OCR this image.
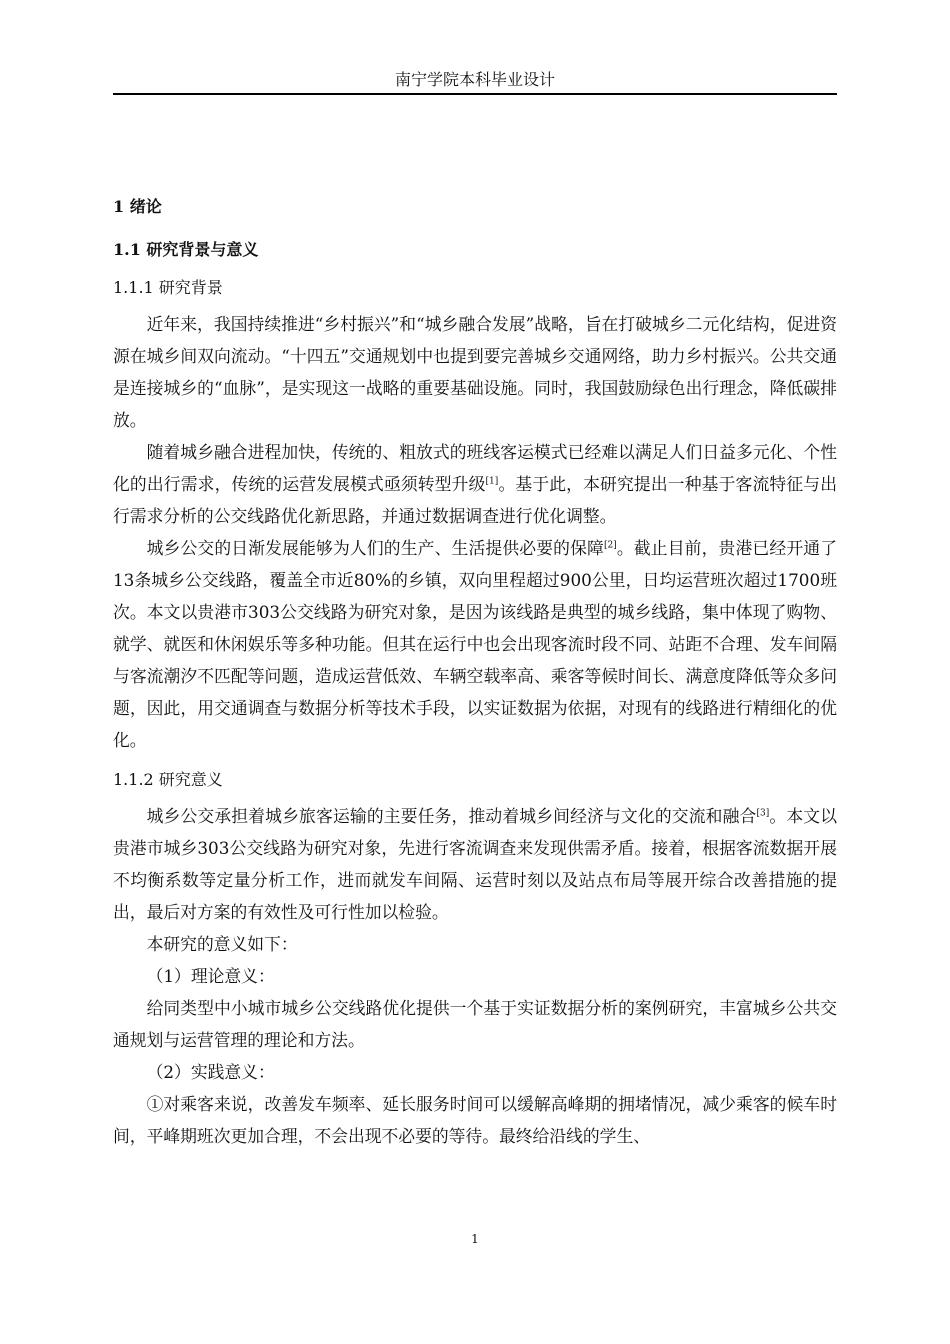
南宁学院本科毕业设计
1 绪论
1.1 研究背景与意义
1.1.1 研究背景

近年来，我国持续推进“乡村振兴”和“城乡融合发展”战略，旨在打破城乡二元化结构，促进资源在城乡间双向流动。“十四五”交通规划中也提到要完善城乡交通网络，助力乡村振兴。公共交通是连接城乡的“血脉”，是实现这一战略的重要基础设施。同时，我国鼓励绿色出行理念，降低碳排放。

随着城乡融合进程加快，传统的、粗放式的班线客运模式已经难以满足人们日益多元化、个性化的出行需求，传统的运营发展模式亟须转型升级[1]。基于此，本研究提出一种基于客流特征与出行需求分析的公交线路优化新思路，并通过数据调查进行优化调整。

城乡公交的日渐发展能够为人们的生产、生活提供必要的保障[2]。截止目前，贵港已经开通了13条城乡公交线路，覆盖全市近80%的乡镇，双向里程超过900公里，日均运营班次超过1700班次。本文以贵港市303公交线路为研究对象，是因为该线路是典型的城乡线路，集中体现了购物、就学、就医和休闲娱乐等多种功能。但其在运行中也会出现客流时段不同、站距不合理、发车间隔与客流潮汐不匹配等问题，造成运营低效、车辆空载率高、乘客等候时间长、满意度降低等众多问题，因此，用交通调查与数据分析等技术手段，以实证数据为依据，对现有的线路进行精细化的优化。

1.1.2 研究意义

城乡公交承担着城乡旅客运输的主要任务，推动着城乡间经济与文化的交流和融合[3]。本文以贵港市城乡303公交线路为研究对象，先进行客流调查来发现供需矛盾。接着，根据客流数据开展不均衡系数等定量分析工作，进而就发车间隔、运营时刻以及站点布局等展开综合改善措施的提出，最后对方案的有效性及可行性加以检验。

本研究的意义如下：

（1）理论意义：

给同类型中小城市城乡公交线路优化提供一个基于实证数据分析的案例研究，丰富城乡公共交通规划与运营管理的理论和方法。

（2）实践意义：

①对乘客来说，改善发车频率、延长服务时间可以缓解高峰期的拥堵情况，减少乘客的候车时间，平峰期班次更加合理，不会出现不必要的等待。最终给沿线的学生、

1
